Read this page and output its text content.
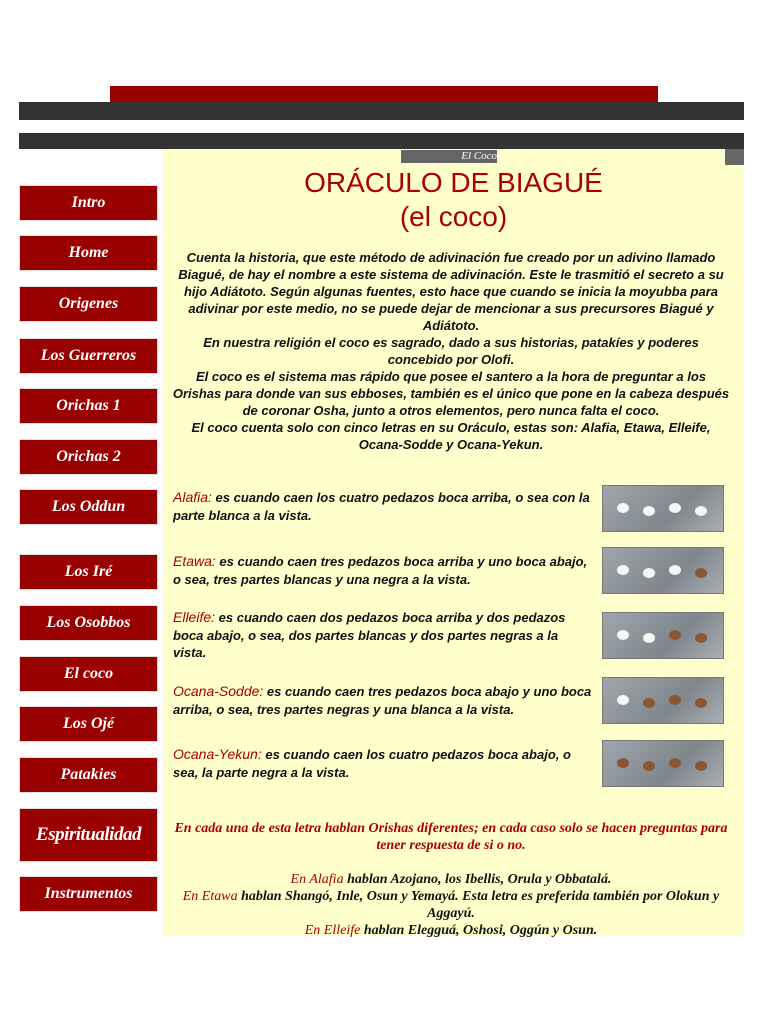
El Coco
ORÁCULO DE BIAGUÉ
(el coco)
Cuenta la historia, que este método de adivinación fue creado por un adivino llamado Biagué, de hay el nombre a este sistema de adivinación. Este le trasmitió el secreto a su hijo Adiátoto. Según algunas fuentes, esto hace que cuando se inicia la moyubba para adivinar por este medio, no se puede dejar de mencionar a sus precursores Biagué y Adiátoto.
En nuestra religión el coco es sagrado, dado a sus historias, patakíes y poderes concebido por Olofi.
El coco es el sistema mas rápido que posee el santero a la hora de preguntar a los Orishas para donde van sus ebboses, también es el único que pone en la cabeza después de coronar Osha, junto a otros elementos, pero nunca falta el coco.
El coco cuenta solo con cinco letras en su Oráculo, estas son: Alafia, Etawa, Elleife, Ocana-Sodde y Ocana-Yekun.
Alafia: es cuando caen los cuatro pedazos boca arriba, o sea con la parte blanca a la vista.
Etawa: es cuando caen tres pedazos boca arriba y uno boca abajo, o sea, tres partes blancas y una negra a la vista.
Elleife: es cuando caen dos pedazos boca arriba y dos pedazos boca abajo, o sea, dos partes blancas y dos partes negras a la vista.
Ocana-Sodde: es cuando caen tres pedazos boca abajo y uno boca arriba, o sea, tres partes negras y una blanca a la vista.
Ocana-Yekun: es cuando caen los cuatro pedazos boca abajo, o sea, la parte negra a la vista.
En cada una de esta letra hablan Orishas diferentes; en cada caso solo se hacen preguntas para tener respuesta de si o no.
En Alafia hablan Azojano, los Ibellis, Orula y Obbatalá.
En Etawa hablan Shangó, Inle, Osun y Yemayá. Esta letra es preferida también por Olokun y Aggayú.
En Elleife hablan Elegguá, Oshosi, Oggún y Osun.
Intro
Home
Origenes
Los Guerreros
Orichas 1
Orichas 2
Los Oddun
Los Iré
Los Osobbos
El coco
Los Ojé
Patakies
Espiritualidad
Instrumentos
